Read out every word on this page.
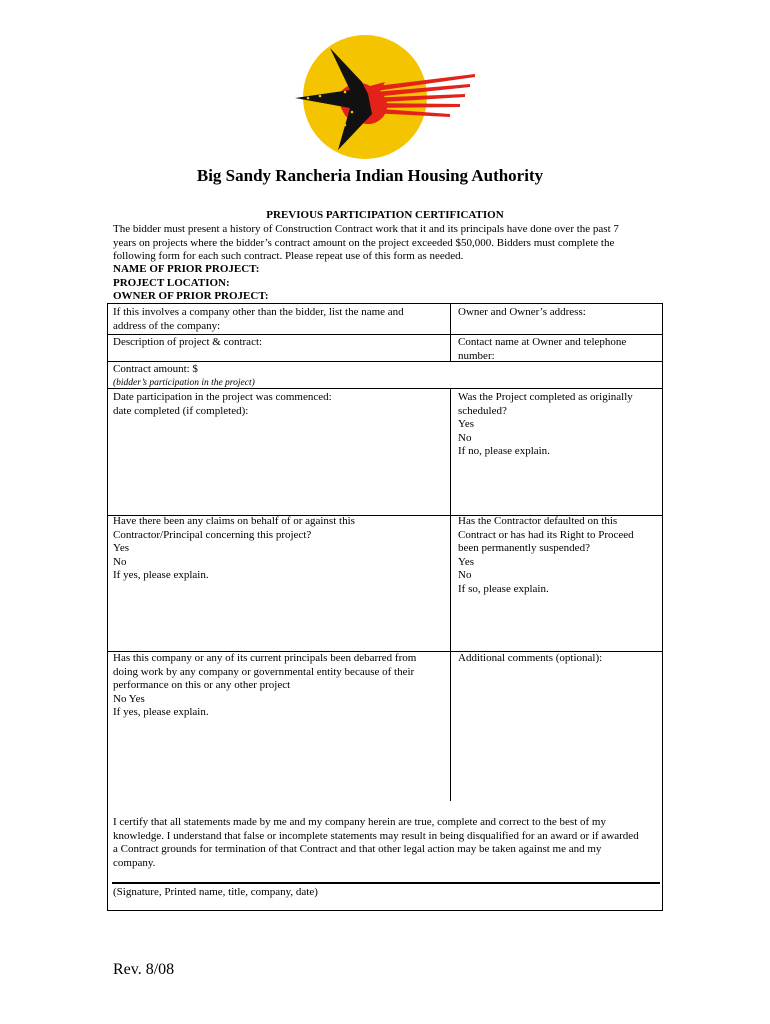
Big Sandy Rancheria Indian Housing Authority
PREVIOUS PARTICIPATION CERTIFICATION
The bidder must present a history of Construction Contract work that it and its principals have done over the past 7
years on projects where the bidder’s contract amount on the project exceeded $50,000. Bidders must complete the
following form for each such contract. Please repeat use of this form as needed.
NAME OF PRIOR PROJECT:
PROJECT LOCATION:
OWNER OF PRIOR PROJECT:
If this involves a company other than the bidder, list the name and
address of the company:
Owner and Owner’s address:
Description of project & contract:	Contact name at Owner and telephone
number:
Contract amount: $
(bidder’s participation in the project)
Date participation in the project was commenced:
date completed (if completed):
Was the Project completed as originally
scheduled?
Yes
No
If no, please explain.
Have there been any claims on behalf of or against this
Contractor/Principal concerning this project?
Yes
No
If yes, please explain.
Has the Contractor defaulted on this
Contract or has had its Right to Proceed
been permanently suspended?
Yes
No
If so, please explain.
Has this company or any of its current principals been debarred from
doing work by any company or governmental entity because of their
performance on this or any other project
No Yes
If yes, please explain.
Additional comments (optional):
I certify that all statements made by me and my company herein are true, complete and correct to the best of my
knowledge. I understand that false or incomplete statements may result in being disqualified for an award or if awarded
a Contract grounds for termination of that Contract and that other legal action may be taken against me and my
company.
(Signature, Printed name, title, company, date)
Rev. 8/08
